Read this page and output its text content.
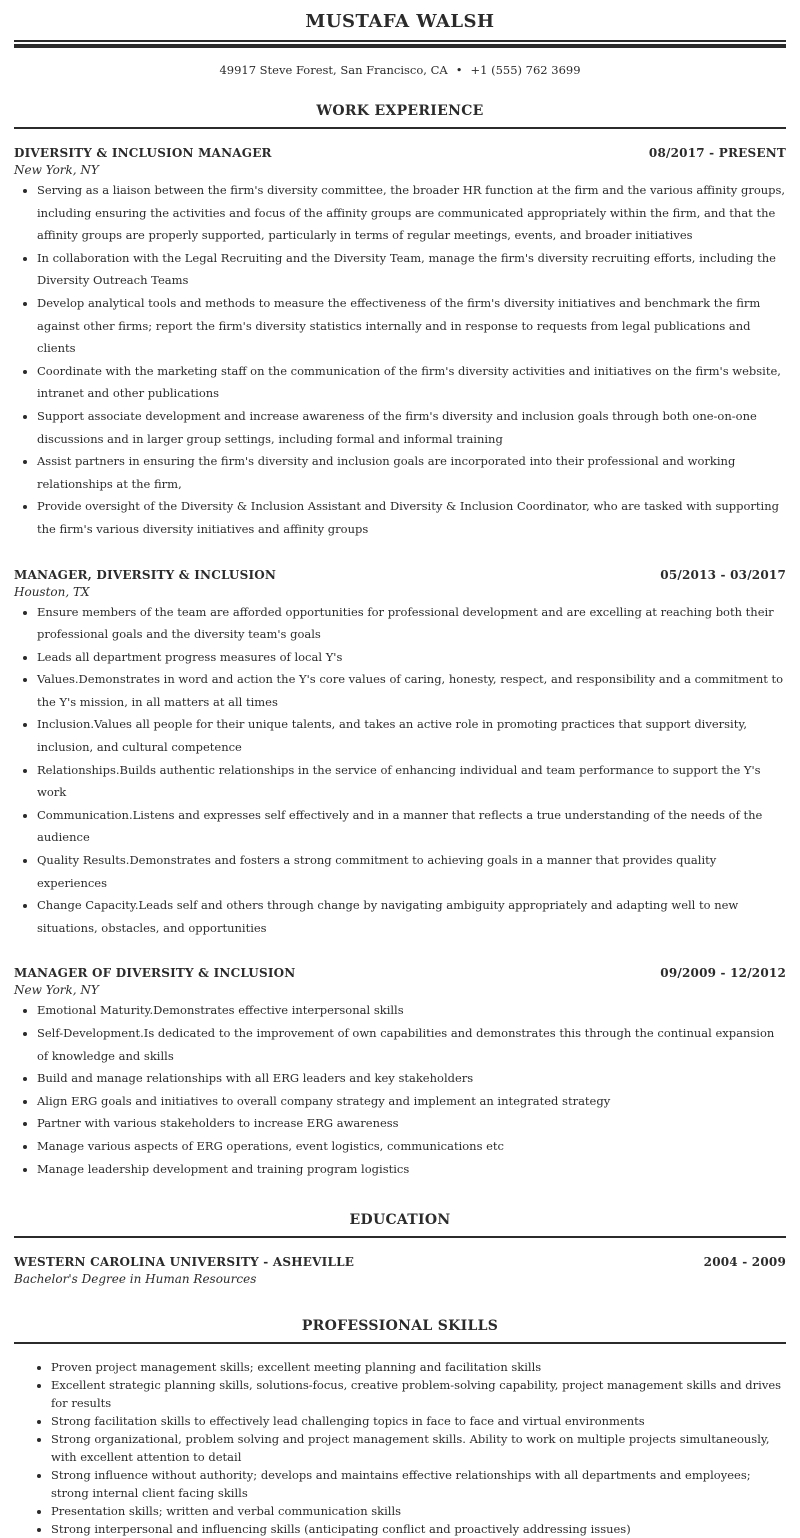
MUSTAFA WALSH
49917 Steve Forest, San Francisco, CA • +1 (555) 762 3699
WORK EXPERIENCE
DIVERSITY & INCLUSION MANAGER	08/2017 - PRESENT
New York, NY
• Serving as a liaison between the firm's diversity committee, the broader HR function at the firm and the various affinity groups, including ensuring the activities and focus of the affinity groups are communicated appropriately within the firm, and that the affinity groups are properly supported, particularly in terms of regular meetings, events, and broader initiatives
• In collaboration with the Legal Recruiting and the Diversity Team, manage the firm's diversity recruiting efforts, including the Diversity Outreach Teams
• Develop analytical tools and methods to measure the effectiveness of the firm's diversity initiatives and benchmark the firm against other firms; report the firm's diversity statistics internally and in response to requests from legal publications and clients
• Coordinate with the marketing staff on the communication of the firm's diversity activities and initiatives on the firm's website, intranet and other publications
• Support associate development and increase awareness of the firm's diversity and inclusion goals through both one-on-one discussions and in larger group settings, including formal and informal training
• Assist partners in ensuring the firm's diversity and inclusion goals are incorporated into their professional and working relationships at the firm,
• Provide oversight of the Diversity & Inclusion Assistant and Diversity & Inclusion Coordinator, who are tasked with supporting the firm's various diversity initiatives and affinity groups
MANAGER, DIVERSITY & INCLUSION	05/2013 - 03/2017
Houston, TX
• Ensure members of the team are afforded opportunities for professional development and are excelling at reaching both their professional goals and the diversity team's goals
• Leads all department progress measures of local Y's
• Values.Demonstrates in word and action the Y's core values of caring, honesty, respect, and responsibility and a commitment to the Y's mission, in all matters at all times
• Inclusion.Values all people for their unique talents, and takes an active role in promoting practices that support diversity, inclusion, and cultural competence
• Relationships.Builds authentic relationships in the service of enhancing individual and team performance to support the Y's work
• Communication.Listens and expresses self effectively and in a manner that reflects a true understanding of the needs of the audience
• Quality Results.Demonstrates and fosters a strong commitment to achieving goals in a manner that provides quality experiences
• Change Capacity.Leads self and others through change by navigating ambiguity appropriately and adapting well to new situations, obstacles, and opportunities
MANAGER OF DIVERSITY & INCLUSION	09/2009 - 12/2012
New York, NY
• Emotional Maturity.Demonstrates effective interpersonal skills
• Self-Development.Is dedicated to the improvement of own capabilities and demonstrates this through the continual expansion of knowledge and skills
• Build and manage relationships with all ERG leaders and key stakeholders
• Align ERG goals and initiatives to overall company strategy and implement an integrated strategy
• Partner with various stakeholders to increase ERG awareness
• Manage various aspects of ERG operations, event logistics, communications etc
• Manage leadership development and training program logistics
EDUCATION
WESTERN CAROLINA UNIVERSITY - ASHEVILLE	2004 - 2009
Bachelor's Degree in Human Resources
PROFESSIONAL SKILLS
• Proven project management skills; excellent meeting planning and facilitation skills
• Excellent strategic planning skills, solutions-focus, creative problem-solving capability, project management skills and drives for results
• Strong facilitation skills to effectively lead challenging topics in face to face and virtual environments
• Strong organizational, problem solving and project management skills. Ability to work on multiple projects simultaneously, with excellent attention to detail
• Strong influence without authority; develops and maintains effective relationships with all departments and employees; strong internal client facing skills
• Presentation skills; written and verbal communication skills
• Strong interpersonal and influencing skills (anticipating conflict and proactively addressing issues)
